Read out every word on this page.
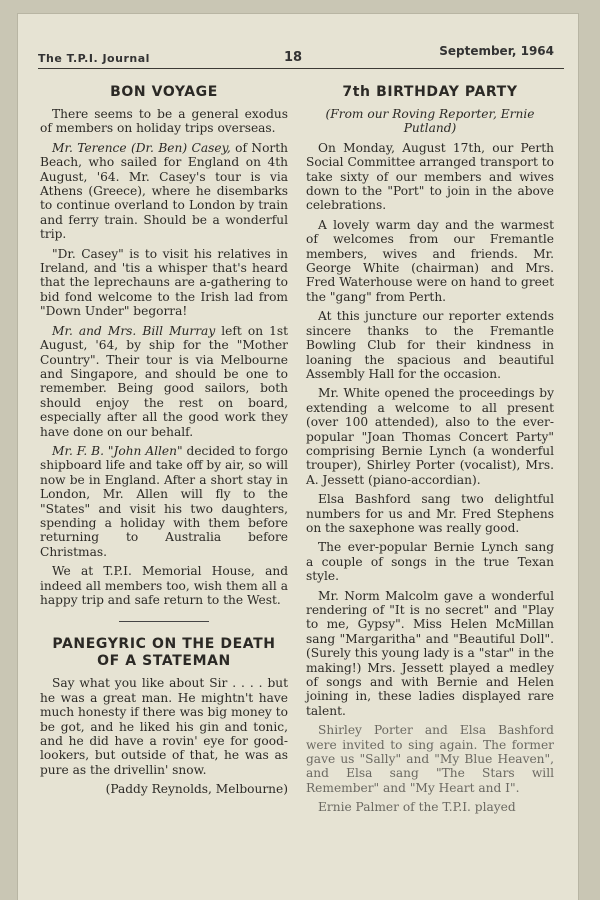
The T.P.I. Journal	18	September, 1964
BON VOYAGE

There seems to be a general exodus of members on holiday trips overseas.

Mr. Terence (Dr. Ben) Casey, of North Beach, who sailed for England on 4th August, '64. Mr. Casey's tour is via Athens (Greece), where he disembarks to continue overland to London by train and ferry train. Should be a wonderful trip.

"Dr. Casey" is to visit his relatives in Ireland, and 'tis a whisper that's heard that the leprechauns are a-gathering to bid fond welcome to the Irish lad from "Down Under" begorra!

Mr. and Mrs. Bill Murray left on 1st August, '64, by ship for the "Mother Country". Their tour is via Melbourne and Singapore, and should be one to remember. Being good sailors, both should enjoy the rest on board, especially after all the good work they have done on our behalf.

Mr. F. B. "John Allen" decided to forgo shipboard life and take off by air, so will now be in England. After a short stay in London, Mr. Allen will fly to the "States" and visit his two daughters, spending a holiday with them before returning to Australia before Christmas.

We at T.P.I. Memorial House, and indeed all members too, wish them all a happy trip and safe return to the West.

PANEGYRIC ON THE DEATH OF A STATEMAN

Say what you like about Sir . . . . but he was a great man. He mightn't have much honesty if there was big money to be got, and he liked his gin and tonic, and he did have a rovin' eye for good-lookers, but outside of that, he was as pure as the drivellin' snow.

(Paddy Reynolds, Melbourne)

7th BIRTHDAY PARTY

(From our Roving Reporter, Ernie Putland)

On Monday, August 17th, our Perth Social Committee arranged transport to take sixty of our members and wives down to the "Port" to join in the above celebrations.

A lovely warm day and the warmest of welcomes from our Fremantle members, wives and friends. Mr. George White (chairman) and Mrs. Fred Waterhouse were on hand to greet the "gang" from Perth.

At this juncture our reporter extends sincere thanks to the Fremantle Bowling Club for their kindness in loaning the spacious and beautiful Assembly Hall for the occasion.

Mr. White opened the proceedings by extending a welcome to all present (over 100 attended), also to the ever-popular "Joan Thomas Concert Party" comprising Bernie Lynch (a wonderful trouper), Shirley Porter (vocalist), Mrs. A. Jessett (piano-accordian).

Elsa Bashford sang two delightful numbers for us and Mr. Fred Stephens on the saxephone was really good.

The ever-popular Bernie Lynch sang a couple of songs in the true Texan style.

Mr. Norm Malcolm gave a wonderful rendering of "It is no secret" and "Play to me, Gypsy". Miss Helen McMillan sang "Margaritha" and "Beautiful Doll". (Surely this young lady is a "star" in the making!) Mrs. Jessett played a medley of songs and with Bernie and Helen joining in, these ladies displayed rare talent.

Shirley Porter and Elsa Bashford were invited to sing again. The former gave us "Sally" and "My Blue Heaven", and Elsa sang "The Stars will Remember" and "My Heart and I".

Ernie Palmer of the T.P.I. played
